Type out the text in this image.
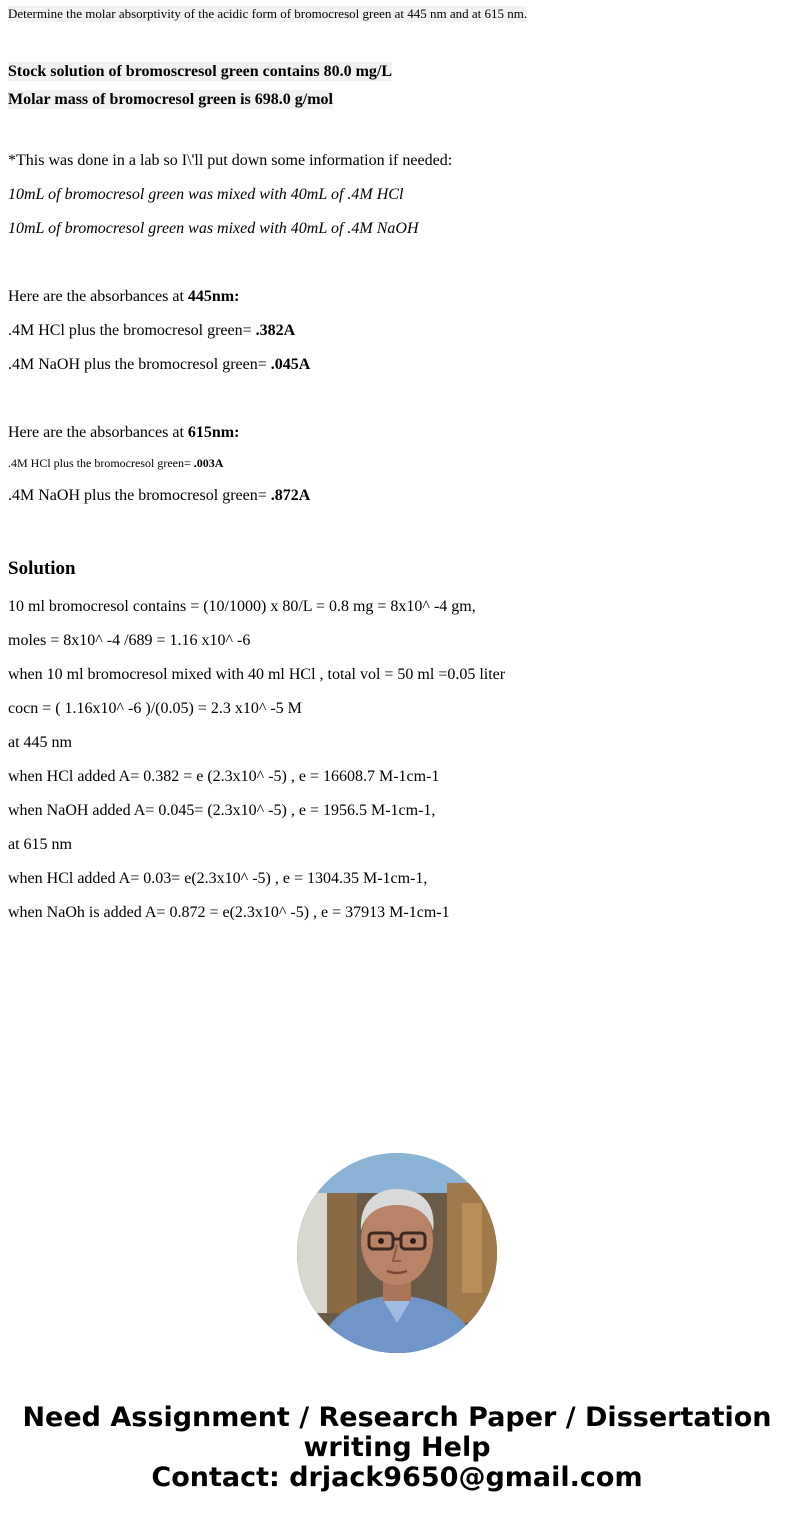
Determine the molar absorptivity of the acidic form of bromocresol green at 445 nm and at 615 nm.
Stock solution of bromoscresol green contains 80.0 mg/L
Molar mass of bromocresol green is 698.0 g/mol
*This was done in a lab so I\'ll put down some information if needed:
10mL of bromocresol green was mixed with 40mL of .4M HCl
10mL of bromocresol green was mixed with 40mL of .4M NaOH
Here are the absorbances at 445nm:
.4M HCl plus the bromocresol green= .382A
.4M NaOH plus the bromocresol green= .045A
Here are the absorbances at 615nm:
.4M HCl plus the bromocresol green= .003A
.4M NaOH plus the bromocresol green= .872A
Solution
10 ml bromocresol contains = (10/1000) x 80/L = 0.8 mg = 8x10^ -4 gm,
moles = 8x10^ -4 /689 = 1.16 x10^ -6
when 10 ml bromocresol mixed with 40 ml HCl , total vol = 50 ml =0.05 liter
cocn = ( 1.16x10^ -6 )/(0.05) = 2.3 x10^ -5 M
at 445 nm
when HCl added A= 0.382 = e (2.3x10^ -5) , e = 16608.7 M-1cm-1
when NaOH added A= 0.045= (2.3x10^ -5) , e = 1956.5 M-1cm-1,
at 615 nm
when HCl added A= 0.03= e(2.3x10^ -5) , e = 1304.35 M-1cm-1,
when NaOh is added A= 0.872 = e(2.3x10^ -5) , e = 37913 M-1cm-1
Need Assignment / Research Paper / Dissertation
writing Help
Contact: drjack9650@gmail.com
